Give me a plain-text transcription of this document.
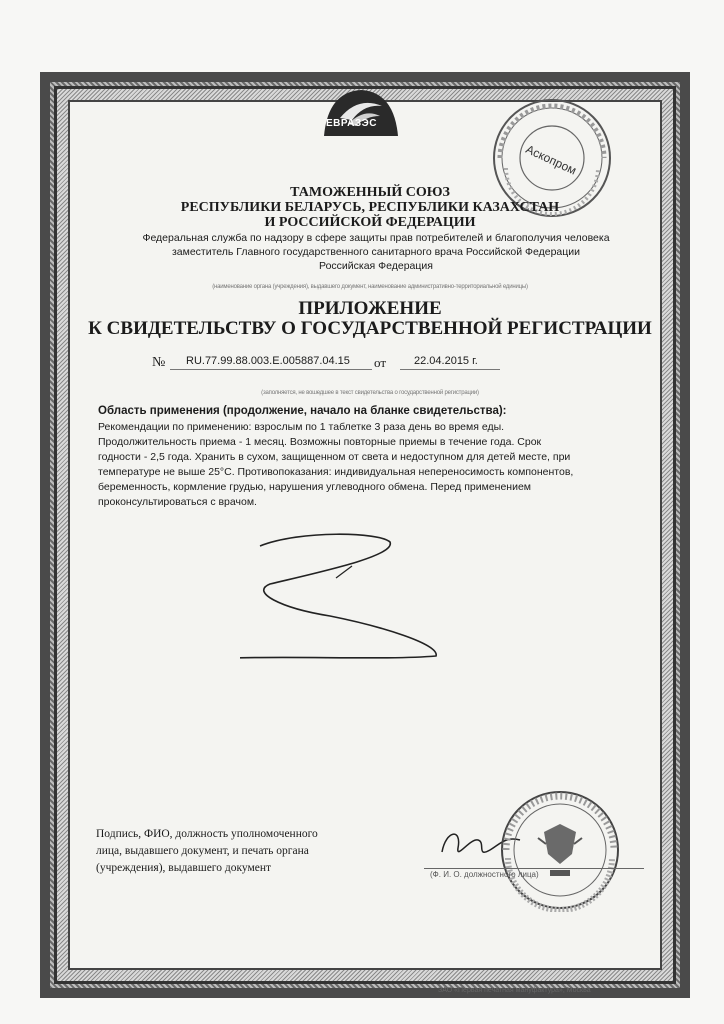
ЕВРАЗЭС
Аскопром
ТАМОЖЕННЫЙ СОЮЗ
РЕСПУБЛИКИ БЕЛАРУСЬ, РЕСПУБЛИКИ КАЗАХСТАН
И РОССИЙСКОЙ ФЕДЕРАЦИИ
Федеральная служба по надзору в сфере защиты прав потребителей и благополучия человека
заместитель Главного государственного санитарного врача Российской Федерации
Российская Федерация
(наименование органа (учреждения), выдавшего документ, наименование административно-территориальной единицы)
ПРИЛОЖЕНИЕ
К СВИДЕТЕЛЬСТВУ О ГОСУДАРСТВЕННОЙ РЕГИСТРАЦИИ
№ RU.77.99.88.003.E.005887.04.15 от	22.04.2015 г.
(заполняется, не вошедшее в текст свидетельства о государственной регистрации)
Область применения (продолжение, начало на бланке свидетельства):
Рекомендации по применению: взрослым по 1 таблетке 3 раза день во время еды.
Продолжительность приема - 1 месяц. Возможны повторные приемы в течение года. Срок
годности - 2,5 года. Хранить в сухом, защищенном от света и недоступном для детей месте, при
температуре не выше 25°C. Противопоказания: индивидуальная непереносимость компонентов,
беременность, кормление грудью, нарушения углеводного обмена. Перед применением
проконсультироваться с врачом.
Подпись, ФИО, должность уполномоченного
лица, выдавшего документ, и печать органа
(учреждения), выдавшего документ
(Ф. И. О. должностного лица)
ЗАО «Первая печатная мануфактура», Москва
